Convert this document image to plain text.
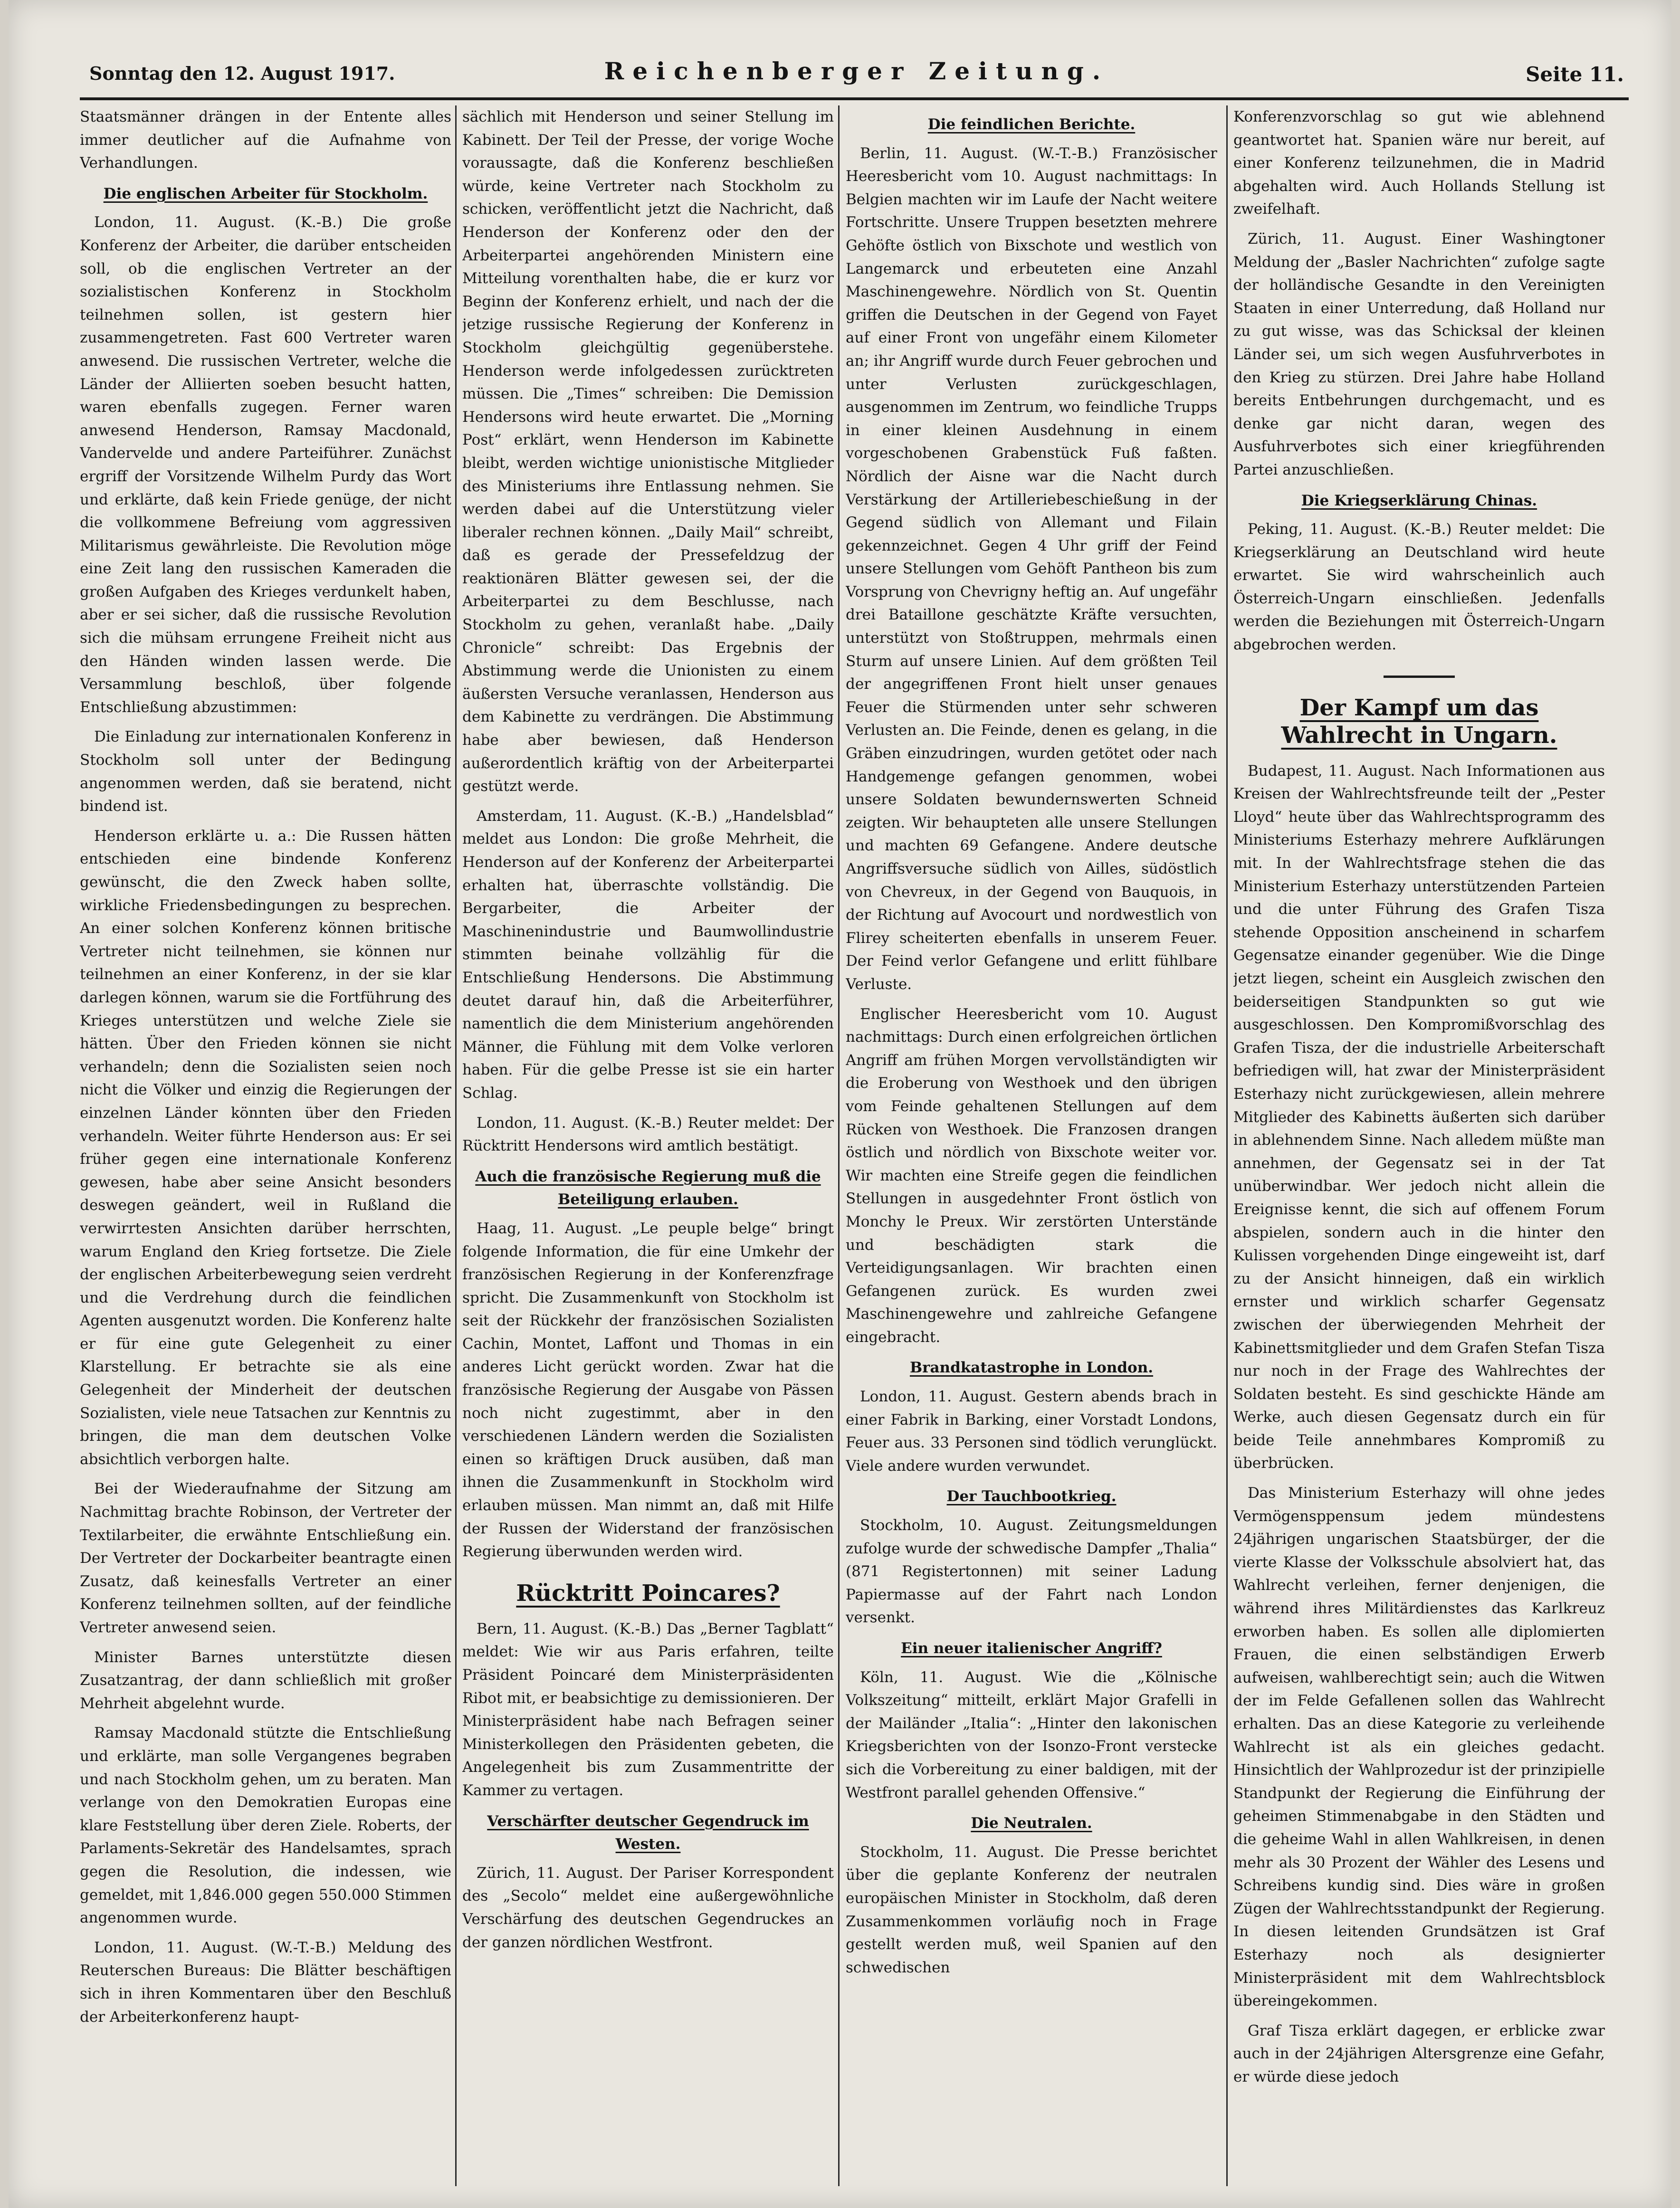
Sonntag den 12. August 1917.	Reichenberger Zeitung.	Seite 11.

Staatsmänner drängen in der Entente alles immer deutlicher auf die Aufnahme von Verhandlungen.

Die englischen Arbeiter für Stockholm.

London, 11. August. (K.-B.) Die große Konferenz der Arbeiter, die darüber entscheiden soll, ob die englischen Vertreter an der sozialistischen Konferenz in Stockholm teilnehmen sollen, ist gestern hier zusammengetreten. Fast 600 Vertreter waren anwesend. Die russischen Vertreter, welche die Länder der Alliierten soeben besucht hatten, waren ebenfalls zugegen. Ferner waren anwesend Henderson, Ramsay Macdonald, Vandervelde und andere Parteiführer. Zunächst ergriff der Vorsitzende Wilhelm Purdy das Wort und erklärte, daß kein Friede genüge, der nicht die vollkommene Befreiung vom aggressiven Militarismus gewährleiste. Die Revolution möge eine Zeit lang den russischen Kameraden die großen Aufgaben des Krieges verdunkelt haben, aber er sei sicher, daß die russische Revolution sich die mühsam errungene Freiheit nicht aus den Händen winden lassen werde. Die Versammlung beschloß, über folgende Entschließung abzustimmen:

Die Einladung zur internationalen Konferenz in Stockholm soll unter der Bedingung angenommen werden, daß sie beratend, nicht bindend ist.

Henderson erklärte u. a.: Die Russen hätten entschieden eine bindende Konferenz gewünscht, die den Zweck haben sollte, wirkliche Friedensbedingungen zu besprechen. An einer solchen Konferenz können britische Vertreter nicht teilnehmen, sie können nur teilnehmen an einer Konferenz, in der sie klar darlegen können, warum sie die Fortführung des Krieges unterstützen und welche Ziele sie hätten. Über den Frieden können sie nicht verhandeln; denn die Sozialisten seien noch nicht die Völker und einzig die Regierungen der einzelnen Länder könnten über den Frieden verhandeln. Weiter führte Henderson aus: Er sei früher gegen eine internationale Konferenz gewesen, habe aber seine Ansicht besonders deswegen geändert, weil in Rußland die verwirrtesten Ansichten darüber herrschten, warum England den Krieg fortsetze. Die Ziele der englischen Arbeiterbewegung seien verdreht und die Verdrehung durch die feindlichen Agenten ausgenutzt worden. Die Konferenz halte er für eine gute Gelegenheit zu einer Klarstellung. Er betrachte sie als eine Gelegenheit der Minderheit der deutschen Sozialisten, viele neue Tatsachen zur Kenntnis zu bringen, die man dem deutschen Volke absichtlich verborgen halte.

Bei der Wiederaufnahme der Sitzung am Nachmittag brachte Robinson, der Vertreter der Textilarbeiter, die erwähnte Entschließung ein. Der Vertreter der Dockarbeiter beantragte einen Zusatz, daß keinesfalls Vertreter an einer Konferenz teilnehmen sollten, auf der feindliche Vertreter anwesend seien.

Minister Barnes unterstützte diesen Zusatzantrag, der dann schließlich mit großer Mehrheit abgelehnt wurde.

Ramsay Macdonald stützte die Entschließung und erklärte, man solle Vergangenes begraben und nach Stockholm gehen, um zu beraten. Man verlange von den Demokratien Europas eine klare Feststellung über deren Ziele. Roberts, der Parlaments-Sekretär des Handelsamtes, sprach gegen die Resolution, die indessen, wie gemeldet, mit 1,846.000 gegen 550.000 Stimmen angenommen wurde.

London, 11. August. (W.-T.-B.) Meldung des Reuterschen Bureaus: Die Blätter beschäftigen sich in ihren Kommentaren über den Beschluß der Arbeiterkonferenz haupt-

sächlich mit Henderson und seiner Stellung im Kabinett. Der Teil der Presse, der vorige Woche voraussagte, daß die Konferenz beschließen würde, keine Vertreter nach Stockholm zu schicken, veröffentlicht jetzt die Nachricht, daß Henderson der Konferenz oder den der Arbeiterpartei angehörenden Ministern eine Mitteilung vorenthalten habe, die er kurz vor Beginn der Konferenz erhielt, und nach der die jetzige russische Regierung der Konferenz in Stockholm gleichgültig gegenüberstehe. Henderson werde infolgedessen zurücktreten müssen. Die „Times“ schreiben: Die Demission Hendersons wird heute erwartet. Die „Morning Post“ erklärt, wenn Henderson im Kabinette bleibt, werden wichtige unionistische Mitglieder des Ministeriums ihre Entlassung nehmen. Sie werden dabei auf die Unterstützung vieler liberaler rechnen können. „Daily Mail“ schreibt, daß es gerade der Pressefeldzug der reaktionären Blätter gewesen sei, der die Arbeiterpartei zu dem Beschlusse, nach Stockholm zu gehen, veranlaßt habe. „Daily Chronicle“ schreibt: Das Ergebnis der Abstimmung werde die Unionisten zu einem äußersten Versuche veranlassen, Henderson aus dem Kabinette zu verdrängen. Die Abstimmung habe aber bewiesen, daß Henderson außerordentlich kräftig von der Arbeiterpartei gestützt werde.

Amsterdam, 11. August. (K.-B.) „Handelsblad“ meldet aus London: Die große Mehrheit, die Henderson auf der Konferenz der Arbeiterpartei erhalten hat, überraschte vollständig. Die Bergarbeiter, die Arbeiter der Maschinenindustrie und Baumwollindustrie stimmten beinahe vollzählig für die Entschließung Hendersons. Die Abstimmung deutet darauf hin, daß die Arbeiterführer, namentlich die dem Ministerium angehörenden Männer, die Fühlung mit dem Volke verloren haben. Für die gelbe Presse ist sie ein harter Schlag.

London, 11. August. (K.-B.) Reuter meldet: Der Rücktritt Hendersons wird amtlich bestätigt.

Auch die französische Regierung muß die Beteiligung erlauben.

Haag, 11. August. „Le peuple belge“ bringt folgende Information, die für eine Umkehr der französischen Regierung in der Konferenzfrage spricht. Die Zusammenkunft von Stockholm ist seit der Rückkehr der französischen Sozialisten Cachin, Montet, Laffont und Thomas in ein anderes Licht gerückt worden. Zwar hat die französische Regierung der Ausgabe von Pässen noch nicht zugestimmt, aber in den verschiedenen Ländern werden die Sozialisten einen so kräftigen Druck ausüben, daß man ihnen die Zusammenkunft in Stockholm wird erlauben müssen. Man nimmt an, daß mit Hilfe der Russen der Widerstand der französischen Regierung überwunden werden wird.

Rücktritt Poincares?

Bern, 11. August. (K.-B.) Das „Berner Tagblatt“ meldet: Wie wir aus Paris erfahren, teilte Präsident Poincaré dem Ministerpräsidenten Ribot mit, er beabsichtige zu demissionieren. Der Ministerpräsident habe nach Befragen seiner Ministerkollegen den Präsidenten gebeten, die Angelegenheit bis zum Zusammentritte der Kammer zu vertagen.

Verschärfter deutscher Gegendruck im Westen.

Zürich, 11. August. Der Pariser Korrespondent des „Secolo“ meldet eine außergewöhnliche Verschärfung des deutschen Gegendruckes an der ganzen nördlichen Westfront.

Die feindlichen Berichte.

Berlin, 11. August. (W.-T.-B.) Französischer Heeresbericht vom 10. August nachmittags: In Belgien machten wir im Laufe der Nacht weitere Fortschritte. Unsere Truppen besetzten mehrere Gehöfte östlich von Bixschote und westlich von Langemarck und erbeuteten eine Anzahl Maschinengewehre. Nördlich von St. Quentin griffen die Deutschen in der Gegend von Fayet auf einer Front von ungefähr einem Kilometer an; ihr Angriff wurde durch Feuer gebrochen und unter Verlusten zurückgeschlagen, ausgenommen im Zentrum, wo feindliche Trupps in einer kleinen Ausdehnung in einem vorgeschobenen Grabenstück Fuß faßten. Nördlich der Aisne war die Nacht durch Verstärkung der Artilleriebeschießung in der Gegend südlich von Allemant und Filain gekennzeichnet. Gegen 4 Uhr griff der Feind unsere Stellungen vom Gehöft Pantheon bis zum Vorsprung von Chevrigny heftig an. Auf ungefähr drei Bataillone geschätzte Kräfte versuchten, unterstützt von Stoßtruppen, mehrmals einen Sturm auf unsere Linien. Auf dem größten Teil der angegriffenen Front hielt unser genaues Feuer die Stürmenden unter sehr schweren Verlusten an. Die Feinde, denen es gelang, in die Gräben einzudringen, wurden getötet oder nach Handgemenge gefangen genommen, wobei unsere Soldaten bewundernswerten Schneid zeigten. Wir behaupteten alle unsere Stellungen und machten 69 Gefangene. Andere deutsche Angriffsversuche südlich von Ailles, südöstlich von Chevreux, in der Gegend von Bauquois, in der Richtung auf Avocourt und nordwestlich von Flirey scheiterten ebenfalls in unserem Feuer. Der Feind verlor Gefangene und erlitt fühlbare Verluste.

Englischer Heeresbericht vom 10. August nachmittags: Durch einen erfolgreichen örtlichen Angriff am frühen Morgen vervollständigten wir die Eroberung von Westhoek und den übrigen vom Feinde gehaltenen Stellungen auf dem Rücken von Westhoek. Die Franzosen drangen östlich und nördlich von Bixschote weiter vor. Wir machten eine Streife gegen die feindlichen Stellungen in ausgedehnter Front östlich von Monchy le Preux. Wir zerstörten Unterstände und beschädigten stark die Verteidigungsanlagen. Wir brachten einen Gefangenen zurück. Es wurden zwei Maschinengewehre und zahlreiche Gefangene eingebracht.

Brandkatastrophe in London.

London, 11. August. Gestern abends brach in einer Fabrik in Barking, einer Vorstadt Londons, Feuer aus. 33 Personen sind tödlich verunglückt. Viele andere wurden verwundet.

Der Tauchbootkrieg.

Stockholm, 10. August. Zeitungsmeldungen zufolge wurde der schwedische Dampfer „Thalia“ (871 Registertonnen) mit seiner Ladung Papiermasse auf der Fahrt nach London versenkt.

Ein neuer italienischer Angriff?

Köln, 11. August. Wie die „Kölnische Volkszeitung“ mitteilt, erklärt Major Grafelli in der Mailänder „Italia“: „Hinter den lakonischen Kriegsberichten von der Isonzo-Front verstecke sich die Vorbereitung zu einer baldigen, mit der Westfront parallel gehenden Offensive.“

Die Neutralen.

Stockholm, 11. August. Die Presse berichtet über die geplante Konferenz der neutralen europäischen Minister in Stockholm, daß deren Zusammenkommen vorläufig noch in Frage gestellt werden muß, weil Spanien auf den schwedischen

Konferenzvorschlag so gut wie ablehnend geantwortet hat. Spanien wäre nur bereit, auf einer Konferenz teilzunehmen, die in Madrid abgehalten wird. Auch Hollands Stellung ist zweifelhaft.

Zürich, 11. August. Einer Washingtoner Meldung der „Basler Nachrichten“ zufolge sagte der holländische Gesandte in den Vereinigten Staaten in einer Unterredung, daß Holland nur zu gut wisse, was das Schicksal der kleinen Länder sei, um sich wegen Ausfuhrverbotes in den Krieg zu stürzen. Drei Jahre habe Holland bereits Entbehrungen durchgemacht, und es denke gar nicht daran, wegen des Ausfuhrverbotes sich einer kriegführenden Partei anzuschließen.

Die Kriegserklärung Chinas.

Peking, 11. August. (K.-B.) Reuter meldet: Die Kriegserklärung an Deutschland wird heute erwartet. Sie wird wahrscheinlich auch Österreich-Ungarn einschließen. Jedenfalls werden die Beziehungen mit Österreich-Ungarn abgebrochen werden.

Der Kampf um das Wahlrecht in Ungarn.

Budapest, 11. August. Nach Informationen aus Kreisen der Wahlrechtsfreunde teilt der „Pester Lloyd“ heute über das Wahlrechtsprogramm des Ministeriums Esterhazy mehrere Aufklärungen mit. In der Wahlrechtsfrage stehen die das Ministerium Esterhazy unterstützenden Parteien und die unter Führung des Grafen Tisza stehende Opposition anscheinend in scharfem Gegensatze einander gegenüber. Wie die Dinge jetzt liegen, scheint ein Ausgleich zwischen den beiderseitigen Standpunkten so gut wie ausgeschlossen. Den Kompromißvorschlag des Grafen Tisza, der die industrielle Arbeiterschaft befriedigen will, hat zwar der Ministerpräsident Esterhazy nicht zurückgewiesen, allein mehrere Mitglieder des Kabinetts äußerten sich darüber in ablehnendem Sinne. Nach alledem müßte man annehmen, der Gegensatz sei in der Tat unüberwindbar. Wer jedoch nicht allein die Ereignisse kennt, die sich auf offenem Forum abspielen, sondern auch in die hinter den Kulissen vorgehenden Dinge eingeweiht ist, darf zu der Ansicht hinneigen, daß ein wirklich ernster und wirklich scharfer Gegensatz zwischen der überwiegenden Mehrheit der Kabinettsmitglieder und dem Grafen Stefan Tisza nur noch in der Frage des Wahlrechtes der Soldaten besteht. Es sind geschickte Hände am Werke, auch diesen Gegensatz durch ein für beide Teile annehmbares Kompromiß zu überbrücken.

Das Ministerium Esterhazy will ohne jedes Vermögensppensum jedem mündestens 24jährigen ungarischen Staatsbürger, der die vierte Klasse der Volksschule absolviert hat, das Wahlrecht verleihen, ferner denjenigen, die während ihres Militärdienstes das Karlkreuz erworben haben. Es sollen alle diplomierten Frauen, die einen selbständigen Erwerb aufweisen, wahlberechtigt sein; auch die Witwen der im Felde Gefallenen sollen das Wahlrecht erhalten. Das an diese Kategorie zu verleihende Wahlrecht ist als ein gleiches gedacht. Hinsichtlich der Wahlprozedur ist der prinzipielle Standpunkt der Regierung die Einführung der geheimen Stimmenabgabe in den Städten und die geheime Wahl in allen Wahlkreisen, in denen mehr als 30 Prozent der Wähler des Lesens und Schreibens kundig sind. Dies wäre in großen Zügen der Wahlrechtsstandpunkt der Regierung. In diesen leitenden Grundsätzen ist Graf Esterhazy noch als designierter Ministerpräsident mit dem Wahlrechtsblock übereingekommen.

Graf Tisza erklärt dagegen, er erblicke zwar auch in der 24jährigen Altersgrenze eine Gefahr, er würde diese jedoch
